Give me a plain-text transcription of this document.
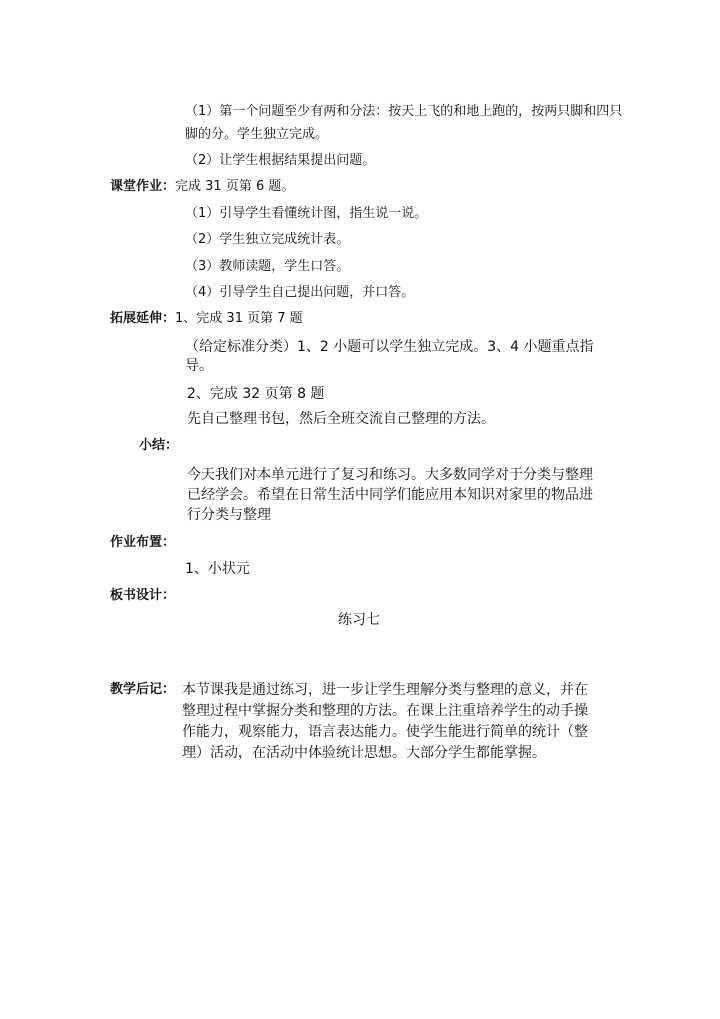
（1）第一个问题至少有两和分法：按天上飞的和地上跑的，按两只脚和四只
脚的分。学生独立完成。
（2）让学生根据结果提出问题。
课堂作业：完成 31 页第 6 题。
（1）引导学生看懂统计图，指生说一说。
（2）学生独立完成统计表。
（3）教师读题，学生口答。
（4）引导学生自己提出问题，并口答。
拓展延伸：1、完成 31 页第 7 题
（给定标准分类）1、2 小题可以学生独立完成。3、4 小题重点指
导。
2、完成 32 页第 8 题
先自己整理书包，然后全班交流自己整理的方法。
小结：
今天我们对本单元进行了复习和练习。大多数同学对于分类与整理
已经学会。希望在日常生活中同学们能应用本知识对家里的物品进
行分类与整理
作业布置：
1、小状元
板书设计：
练习七
教学后记： 本节课我是通过练习，进一步让学生理解分类与整理的意义，并在
整理过程中掌握分类和整理的方法。在课上注重培养学生的动手操
作能力，观察能力，语言表达能力。使学生能进行简单的统计（整
理）活动，在活动中体验统计思想。大部分学生都能掌握。
